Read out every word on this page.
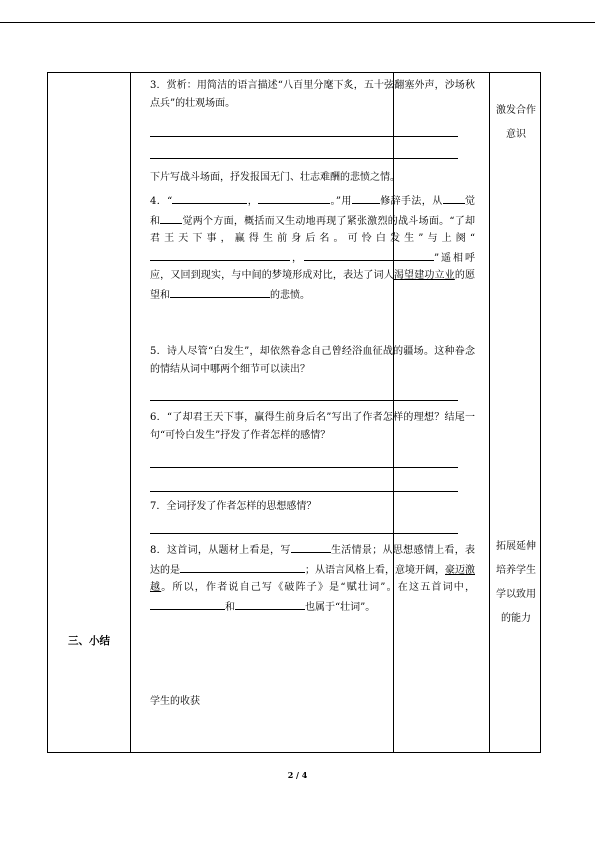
三、小结
3．赏析：用简洁的语言描述“八百里分麾下炙，五十弦翻塞外声，沙场秋点兵”的壮观场面。
下片写战斗场面，抒发报国无门、壮志难酬的悲愤之情。
4．“	，	。”用	修辞手法，从 觉和 觉两个方面，概括而又生动地再现了紧张激烈的战斗场面。“了却君王天下事，赢得生前身后名。可怜白发生”与上阕“，	”遥相呼应，又回到现实，与中间的梦境形成对比，表达了词人渴望建功立业的愿望和	的悲愤。
5．诗人尽管“白发生”，却依然眷念自己曾经浴血征战的疆场。这种眷念的情结从词中哪两个细节可以读出？
6．“了却君王天下事，赢得生前身后名”写出了作者怎样的理想？结尾一句“可怜白发生”抒发了作者怎样的感情？
7．全词抒发了作者怎样的思想感情？
8．这首词，从题材上看是，写	生活情景；从思想感情上看，表达的是	；从语言风格上看，意境开阔，豪迈激越。所以，作者说自己写《破阵子》是“赋壮词”。在这五首词中，和	也属于“壮词”。
学生的收获
激发合作意识
拓展延伸培养学生学以致用的能力
2 / 4
